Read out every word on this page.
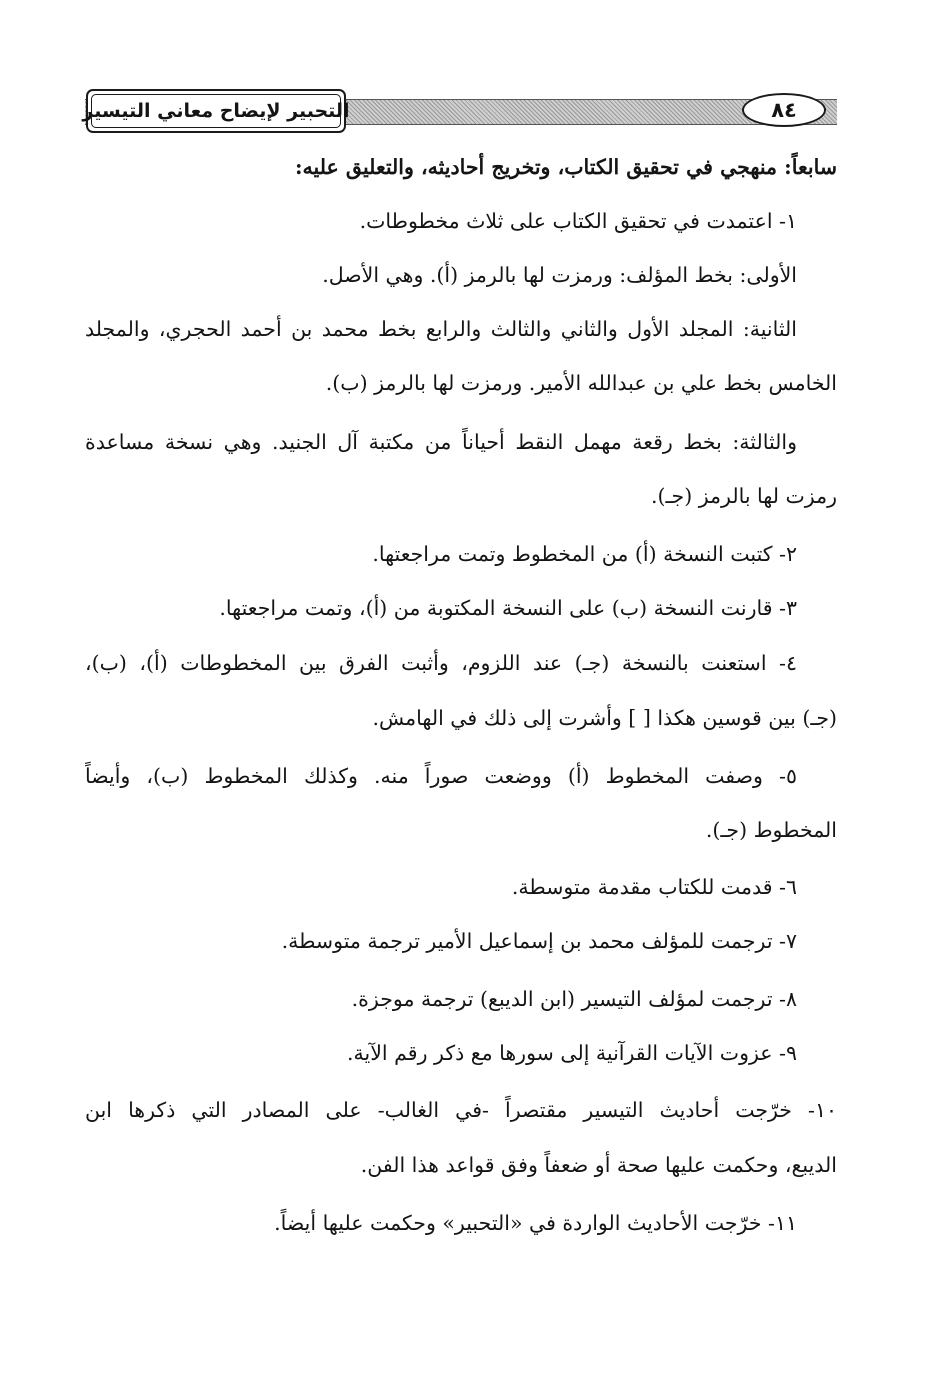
٨٤
التحبير لإيضاح معاني التيسير
سابعاً: منهجي في تحقيق الكتاب، وتخريج أحاديثه، والتعليق عليه:
١- اعتمدت في تحقيق الكتاب على ثلاث مخطوطات.
الأولى: بخط المؤلف: ورمزت لها بالرمز (أ). وهي الأصل.
الثانية: المجلد الأول والثاني والثالث والرابع بخط محمد بن أحمد الحجري، والمجلد
الخامس بخط علي بن عبدالله الأمير. ورمزت لها بالرمز (ب).
والثالثة: بخط رقعة مهمل النقط أحياناً من مكتبة آل الجنيد. وهي نسخة مساعدة
رمزت لها بالرمز (جـ).
٢- كتبت النسخة (أ) من المخطوط وتمت مراجعتها.
٣- قارنت النسخة (ب) على النسخة المكتوبة من (أ)، وتمت مراجعتها.
٤- استعنت بالنسخة (جـ) عند اللزوم، وأثبت الفرق بين المخطوطات (أ)، (ب)،
(جـ) بين قوسين هكذا [ ] وأشرت إلى ذلك في الهامش.
٥- وصفت المخطوط (أ) ووضعت صوراً منه. وكذلك المخطوط (ب)، وأيضاً
المخطوط (جـ).
٦- قدمت للكتاب مقدمة متوسطة.
٧- ترجمت للمؤلف محمد بن إسماعيل الأمير ترجمة متوسطة.
٨- ترجمت لمؤلف التيسير (ابن الديبع) ترجمة موجزة.
٩- عزوت الآيات القرآنية إلى سورها مع ذكر رقم الآية.
١٠- خرّجت أحاديث التيسير مقتصراً -في الغالب- على المصادر التي ذكرها ابن
الديبع، وحكمت عليها صحة أو ضعفاً وفق قواعد هذا الفن.
١١- خرّجت الأحاديث الواردة في «التحبير» وحكمت عليها أيضاً.
